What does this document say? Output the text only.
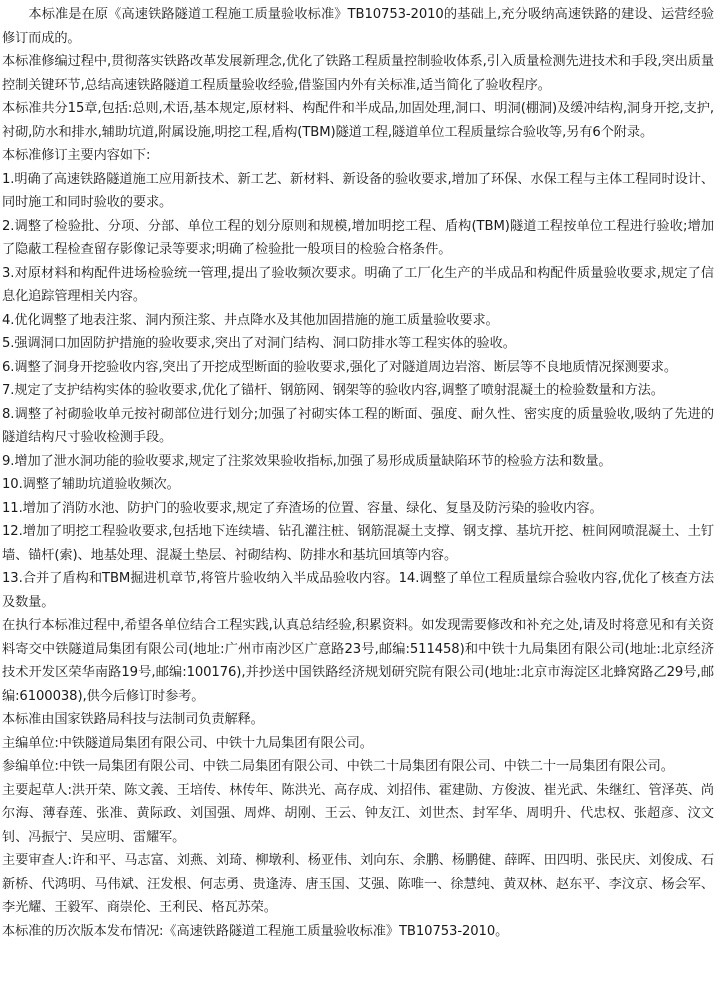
本标准是在原《高速铁路隧道工程施工质量验收标准》TB10753-2010的基础上,充分吸纳高速铁路的建设、运营经验修订而成的。

本标准修编过程中,贯彻落实铁路改革发展新理念,优化了铁路工程质量控制验收体系,引入质量检测先进技术和手段,突出质量控制关键环节,总结高速铁路隧道工程质量验收经验,借鉴国内外有关标准,适当简化了验收程序。

本标准共分15章,包括:总则,术语,基本规定,原材料、构配件和半成品,加固处理,洞口、明洞(棚洞)及缓冲结构,洞身开挖,支护,衬砌,防水和排水,辅助坑道,附属设施,明挖工程,盾构(TBM)隧道工程,隧道单位工程质量综合验收等,另有6个附录。

本标准修订主要内容如下:

1.明确了高速铁路隧道施工应用新技术、新工艺、新材料、新设备的验收要求,增加了环保、水保工程与主体工程同时设计、同时施工和同时验收的要求。

2.调整了检验批、分项、分部、单位工程的划分原则和规模,增加明挖工程、盾构(TBM)隧道工程按单位工程进行验收;增加了隐蔽工程检查留存影像记录等要求;明确了检验批一般项目的检验合格条件。

3.对原材料和构配件进场检验统一管理,提出了验收频次要求。明确了工厂化生产的半成品和构配件质量验收要求,规定了信息化追踪管理相关内容。

4.优化调整了地表注浆、洞内预注浆、井点降水及其他加固措施的施工质量验收要求。

5.强调洞口加固防护措施的验收要求,突出了对洞门结构、洞口防排水等工程实体的验收。

6.调整了洞身开挖验收内容,突出了开挖成型断面的验收要求,强化了对隧道周边岩溶、断层等不良地质情况探测要求。

7.规定了支护结构实体的验收要求,优化了锚杆、钢筋网、钢架等的验收内容,调整了喷射混凝土的检验数量和方法。

8.调整了衬砌验收单元按衬砌部位进行划分;加强了衬砌实体工程的断面、强度、耐久性、密实度的质量验收,吸纳了先进的隧道结构尺寸验收检测手段。

9.增加了泄水洞功能的验收要求,规定了注浆效果验收指标,加强了易形成质量缺陷环节的检验方法和数量。

10.调整了辅助坑道验收频次。

11.增加了消防水池、防护门的验收要求,规定了弃渣场的位置、容量、绿化、复垦及防污染的验收内容。

12.增加了明挖工程验收要求,包括地下连续墙、钻孔灌注桩、钢筋混凝土支撑、钢支撑、基坑开挖、桩间网喷混凝土、土钉墙、锚杆(索)、地基处理、混凝土垫层、衬砌结构、防排水和基坑回填等内容。

13.合并了盾构和TBM掘进机章节,将管片验收纳入半成品验收内容。14.调整了单位工程质量综合验收内容,优化了核查方法及数量。

在执行本标准过程中,希望各单位结合工程实践,认真总结经验,积累资料。如发现需要修改和补充之处,请及时将意见和有关资料寄交中铁隧道局集团有限公司(地址:广州市南沙区广意路23号,邮编:511458)和中铁十九局集团有限公司(地址:北京经济技术开发区荣华南路19号,邮编:100176),并抄送中国铁路经济规划研究院有限公司(地址:北京市海淀区北蜂窝路乙29号,邮编:6100038),供今后修订时参考。

本标准由国家铁路局科技与法制司负责解释。

主编单位:中铁隧道局集团有限公司、中铁十九局集团有限公司。

参编单位:中铁一局集团有限公司、中铁二局集团有限公司、中铁二十局集团有限公司、中铁二十一局集团有限公司。

主要起草人:洪开荣、陈文義、王培传、林传年、陈洪光、高存成、刘招伟、霍建勋、方俊波、崔光武、朱继红、管泽英、尚尔海、薄春莲、张准、黄际政、刘国强、周烨、胡刚、王云、钟友江、刘世杰、封军华、周明升、代忠权、张超彦、汶文钊、冯振宁、吴应明、雷耀军。

主要审查人:许和平、马志富、刘燕、刘琦、柳墩利、杨亚伟、刘向东、余鹏、杨鹏健、薛晖、田四明、张民庆、刘俊成、石新桥、代鸿明、马伟斌、汪发根、何志勇、贵逢涛、唐玉国、艾强、陈唯一、徐慧纯、黄双林、赵东平、李汶京、杨会军、李光耀、王毅军、商崇伦、王利民、格瓦苏荣。

本标准的历次版本发布情况:《高速铁路隧道工程施工质量验收标准》TB10753-2010。
